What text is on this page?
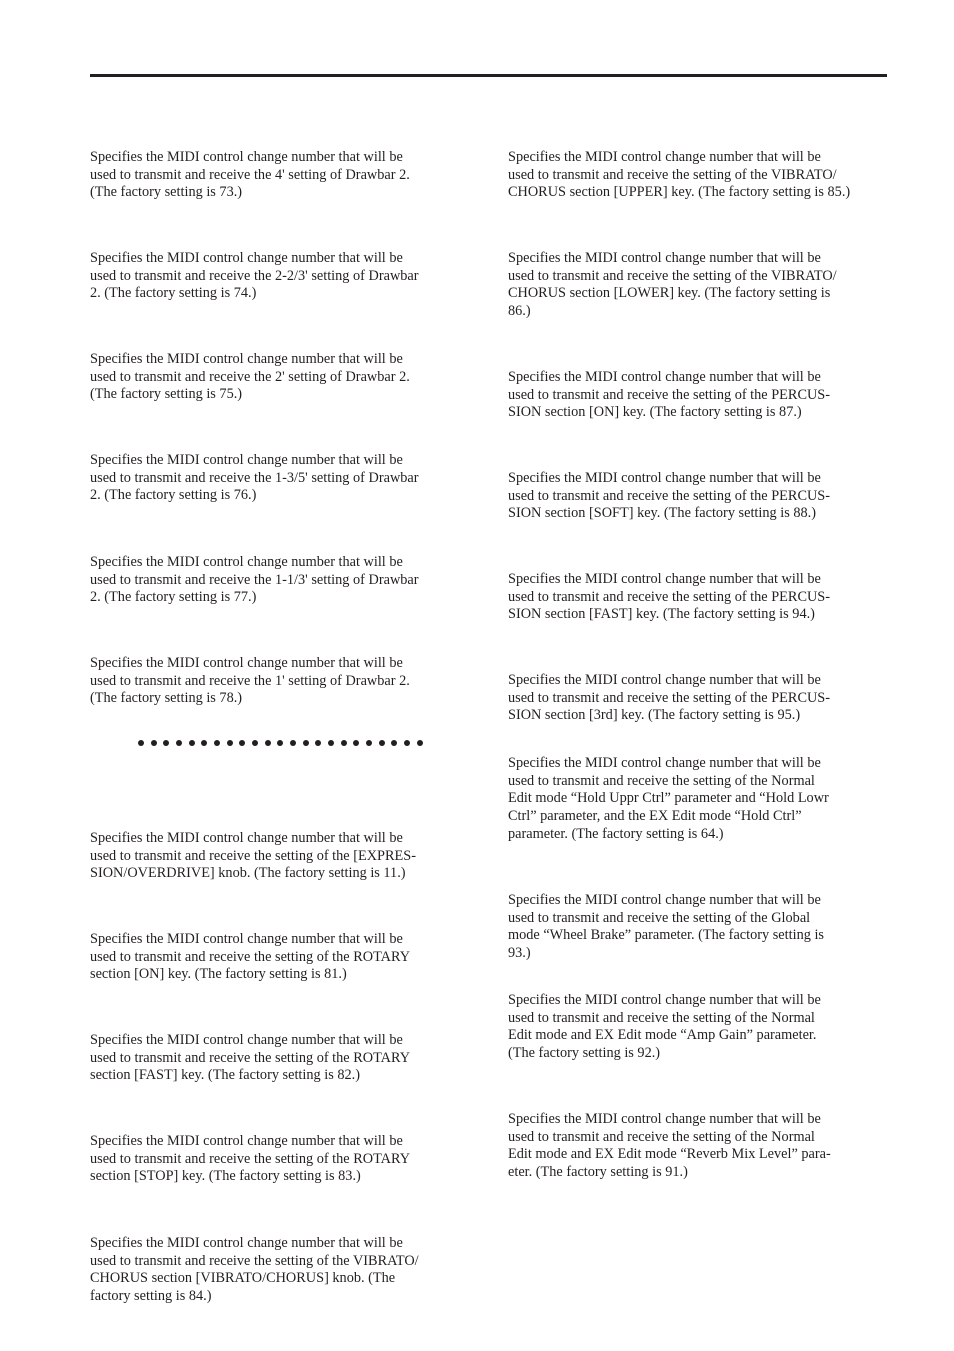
Specifies the MIDI control change number that will be
used to transmit and receive the 4' setting of Drawbar 2.
(The factory setting is 73.)
Specifies the MIDI control change number that will be
used to transmit and receive the 2-2/3' setting of Drawbar
2. (The factory setting is 74.)
Specifies the MIDI control change number that will be
used to transmit and receive the 2' setting of Drawbar 2.
(The factory setting is 75.)
Specifies the MIDI control change number that will be
used to transmit and receive the 1-3/5' setting of Drawbar
2. (The factory setting is 76.)
Specifies the MIDI control change number that will be
used to transmit and receive the 1-1/3' setting of Drawbar
2. (The factory setting is 77.)
Specifies the MIDI control change number that will be
used to transmit and receive the 1' setting of Drawbar 2.
(The factory setting is 78.)
Specifies the MIDI control change number that will be
used to transmit and receive the setting of the [EXPRES-
SION/OVERDRIVE] knob. (The factory setting is 11.)
Specifies the MIDI control change number that will be
used to transmit and receive the setting of the ROTARY
section [ON] key. (The factory setting is 81.)
Specifies the MIDI control change number that will be
used to transmit and receive the setting of the ROTARY
section [FAST] key. (The factory setting is 82.)
Specifies the MIDI control change number that will be
used to transmit and receive the setting of the ROTARY
section [STOP] key. (The factory setting is 83.)
Specifies the MIDI control change number that will be
used to transmit and receive the setting of the VIBRATO/
CHORUS section [VIBRATO/CHORUS] knob. (The
factory setting is 84.)
Specifies the MIDI control change number that will be
used to transmit and receive the setting of the VIBRATO/
CHORUS section [UPPER] key. (The factory setting is 85.)
Specifies the MIDI control change number that will be
used to transmit and receive the setting of the VIBRATO/
CHORUS section [LOWER] key. (The factory setting is
86.)
Specifies the MIDI control change number that will be
used to transmit and receive the setting of the PERCUS-
SION section [ON] key. (The factory setting is 87.)
Specifies the MIDI control change number that will be
used to transmit and receive the setting of the PERCUS-
SION section [SOFT] key. (The factory setting is 88.)
Specifies the MIDI control change number that will be
used to transmit and receive the setting of the PERCUS-
SION section [FAST] key. (The factory setting is 94.)
Specifies the MIDI control change number that will be
used to transmit and receive the setting of the PERCUS-
SION section [3rd] key. (The factory setting is 95.)
Specifies the MIDI control change number that will be
used to transmit and receive the setting of the Normal
Edit mode “Hold Uppr Ctrl” parameter and “Hold Lowr
Ctrl” parameter, and the EX Edit mode “Hold Ctrl”
parameter. (The factory setting is 64.)
Specifies the MIDI control change number that will be
used to transmit and receive the setting of the Global
mode “Wheel Brake” parameter. (The factory setting is
93.)
Specifies the MIDI control change number that will be
used to transmit and receive the setting of the Normal
Edit mode and EX Edit mode “Amp Gain” parameter.
(The factory setting is 92.)
Specifies the MIDI control change number that will be
used to transmit and receive the setting of the Normal
Edit mode and EX Edit mode “Reverb Mix Level” para-
eter. (The factory setting is 91.)
